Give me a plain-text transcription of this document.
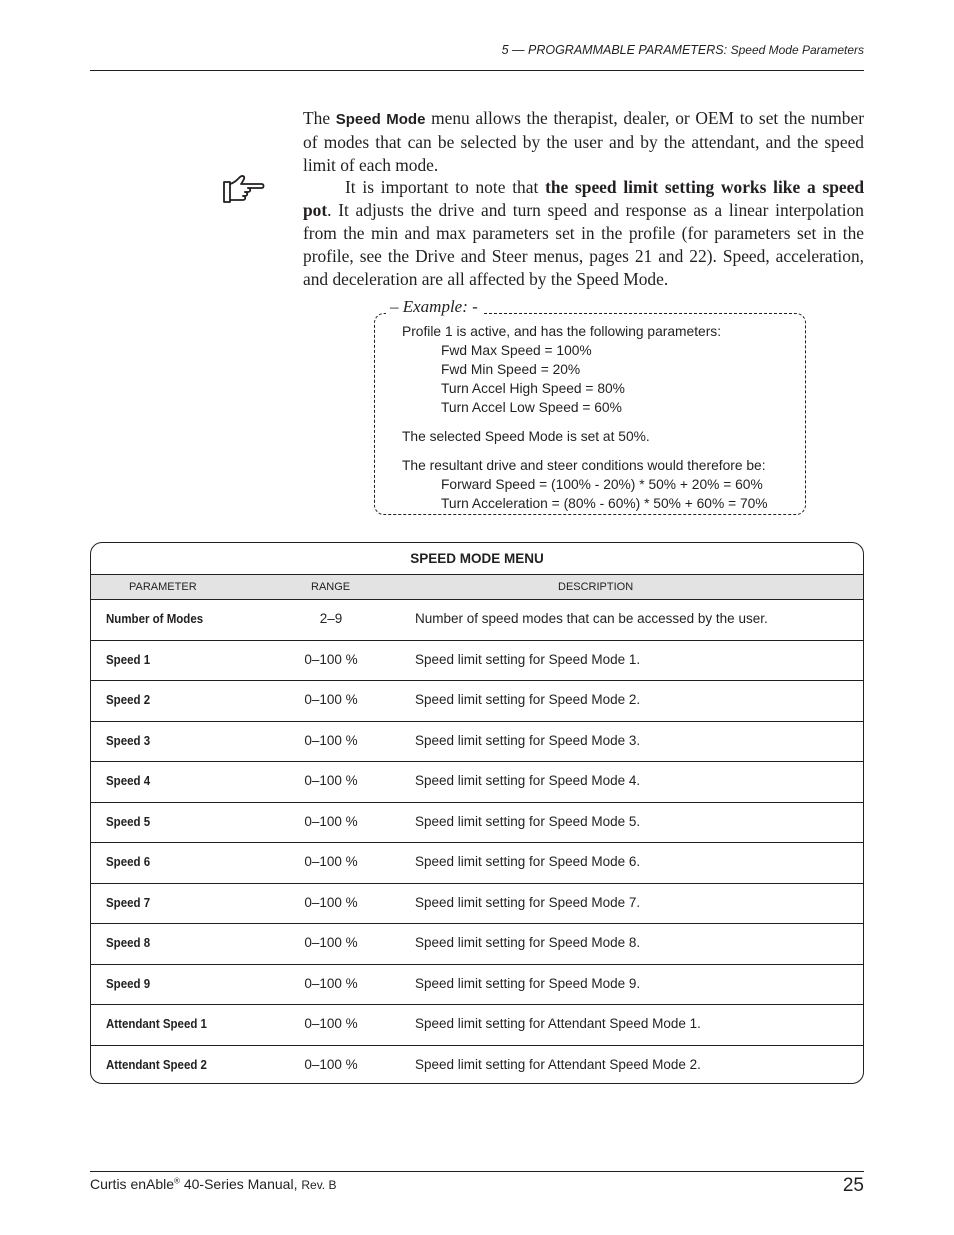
5 — PROGRAMMABLE PARAMETERS: Speed Mode Parameters

The Speed Mode menu allows the therapist, dealer, or OEM to set the number of modes that can be selected by the user and by the attendant, and the speed limit of each mode.

It is important to note that the speed limit setting works like a speed pot. It adjusts the drive and turn speed and response as a linear interpolation from the min and max parameters set in the profile (for parameters set in the profile, see the Drive and Steer menus, pages 21 and 22). Speed, acceleration, and deceleration are all affected by the Speed Mode.

– Example: -
Profile 1 is active, and has the following parameters:
Fwd Max Speed = 100%
Fwd Min Speed = 20%
Turn Accel High Speed = 80%
Turn Accel Low Speed = 60%
The selected Speed Mode is set at 50%.
The resultant drive and steer conditions would therefore be:
Forward Speed = (100% - 20%) * 50% + 20% = 60%
Turn Acceleration = (80% - 60%) * 50% + 60% = 70%
SPEED MODE MENU
PARAMETER	RANGE	DESCRIPTION
Number of Modes	2–9	Number of speed modes that can be accessed by the user.
Speed 1	0–100 %	Speed limit setting for Speed Mode 1.
Speed 2	0–100 %	Speed limit setting for Speed Mode 2.
Speed 3	0–100 %	Speed limit setting for Speed Mode 3.
Speed 4	0–100 %	Speed limit setting for Speed Mode 4.
Speed 5	0–100 %	Speed limit setting for Speed Mode 5.
Speed 6	0–100 %	Speed limit setting for Speed Mode 6.
Speed 7	0–100 %	Speed limit setting for Speed Mode 7.
Speed 8	0–100 %	Speed limit setting for Speed Mode 8.
Speed 9	0–100 %	Speed limit setting for Speed Mode 9.
Attendant Speed 1	0–100 %	Speed limit setting for Attendant Speed Mode 1.
Attendant Speed 2	0–100 %	Speed limit setting for Attendant Speed Mode 2.
Curtis enAble® 40-Series Manual, Rev. B	25
